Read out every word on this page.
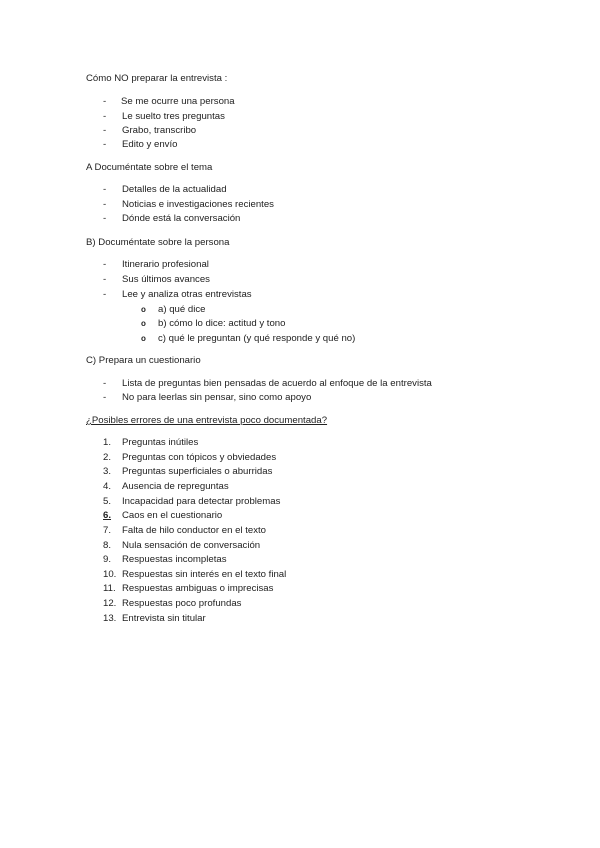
Cómo NO preparar la entrevista :
- Se me ocurre una persona
- Le suelto tres preguntas
- Grabo, transcribo
- Edito y envío
A Documéntate sobre el tema
- Detalles de la actualidad
- Noticias e investigaciones recientes
- Dónde está la conversación
B) Documéntate sobre la persona
- Itinerario profesional
- Sus últimos avances
- Lee y analiza otras entrevistas
o a) qué dice
o b) cómo lo dice: actitud y tono
o c) qué le preguntan (y qué responde y qué no)
C) Prepara un cuestionario
- Lista de preguntas bien pensadas de acuerdo al enfoque de la entrevista
- No para leerlas sin pensar, sino como apoyo
¿Posibles errores de una entrevista poco documentada?
1. Preguntas inútiles
2. Preguntas con tópicos y obviedades
3. Preguntas superficiales o aburridas
4. Ausencia de repreguntas
5. Incapacidad para detectar problemas
6.	Caos en el cuestionario
7. Falta de hilo conductor en el texto
8. Nula sensación de conversación
9. Respuestas incompletas
10. Respuestas sin interés en el texto final
11. Respuestas ambiguas o imprecisas
12. Respuestas poco profundas
13. Entrevista sin titular
